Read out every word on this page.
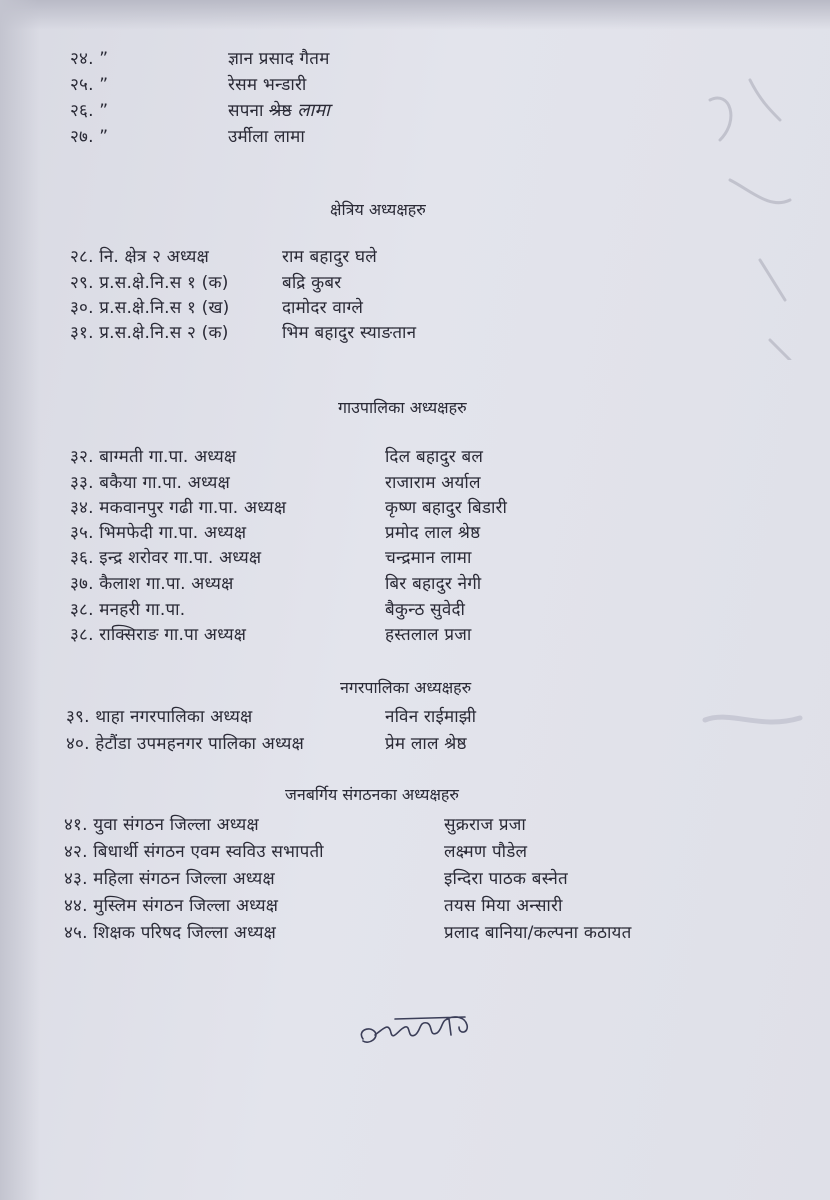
२४. ”	ज्ञान प्रसाद गैतम
२५. ”	रेसम भन्डारी
२६. ”	सपना श्रेष्ठ लामा
२७. ”	उर्मीला लामा
क्षेत्रिय अध्यक्षहरु
२८. नि. क्षेत्र २ अध्यक्ष	राम बहादुर घले
२९. प्र.स.क्षे.नि.स १ (क)	बद्रि कुबर
३०. प्र.स.क्षे.नि.स १ (ख)	दामोदर वाग्ले
३१. प्र.स.क्षे.नि.स २ (क)	भिम बहादुर स्याङतान
गाउपालिका अध्यक्षहरु
३२. बाग्मती गा.पा. अध्यक्ष	दिल बहादुर बल
३३. बकैया गा.पा. अध्यक्ष	राजाराम अर्याल
३४. मकवानपुर गढी गा.पा. अध्यक्ष	कृष्ण बहादुर बिडारी
३५. भिमफेदी गा.पा. अध्यक्ष	प्रमोद लाल श्रेष्ठ
३६. इन्द्र शरोवर गा.पा. अध्यक्ष	चन्द्रमान लामा
३७. कैलाश गा.पा. अध्यक्ष	बिर बहादुर नेगी
३८. मनहरी गा.पा.	बैकुन्ठ सुवेदी
३८. राक्सिराङ गा.पा अध्यक्ष	हस्तलाल प्रजा
नगरपालिका अध्यक्षहरु
३९. थाहा नगरपालिका अध्यक्ष	नविन राईमाझी
४०. हेटौंडा उपमहनगर पालिका अध्यक्ष	प्रेम लाल श्रेष्ठ
जनबर्गिय संगठनका अध्यक्षहरु
४१. युवा संगठन जिल्ला अध्यक्ष	सुक्रराज प्रजा
४२. बिधार्थी संगठन एवम स्वविउ सभापती	लक्ष्मण पौडेल
४३. महिला संगठन जिल्ला अध्यक्ष	इन्दिरा पाठक बस्नेत
४४. मुस्लिम संगठन जिल्ला अध्यक्ष	तयस मिया अन्सारी
४५. शिक्षक परिषद जिल्ला अध्यक्ष	प्रलाद बानिया/कल्पना कठायत
